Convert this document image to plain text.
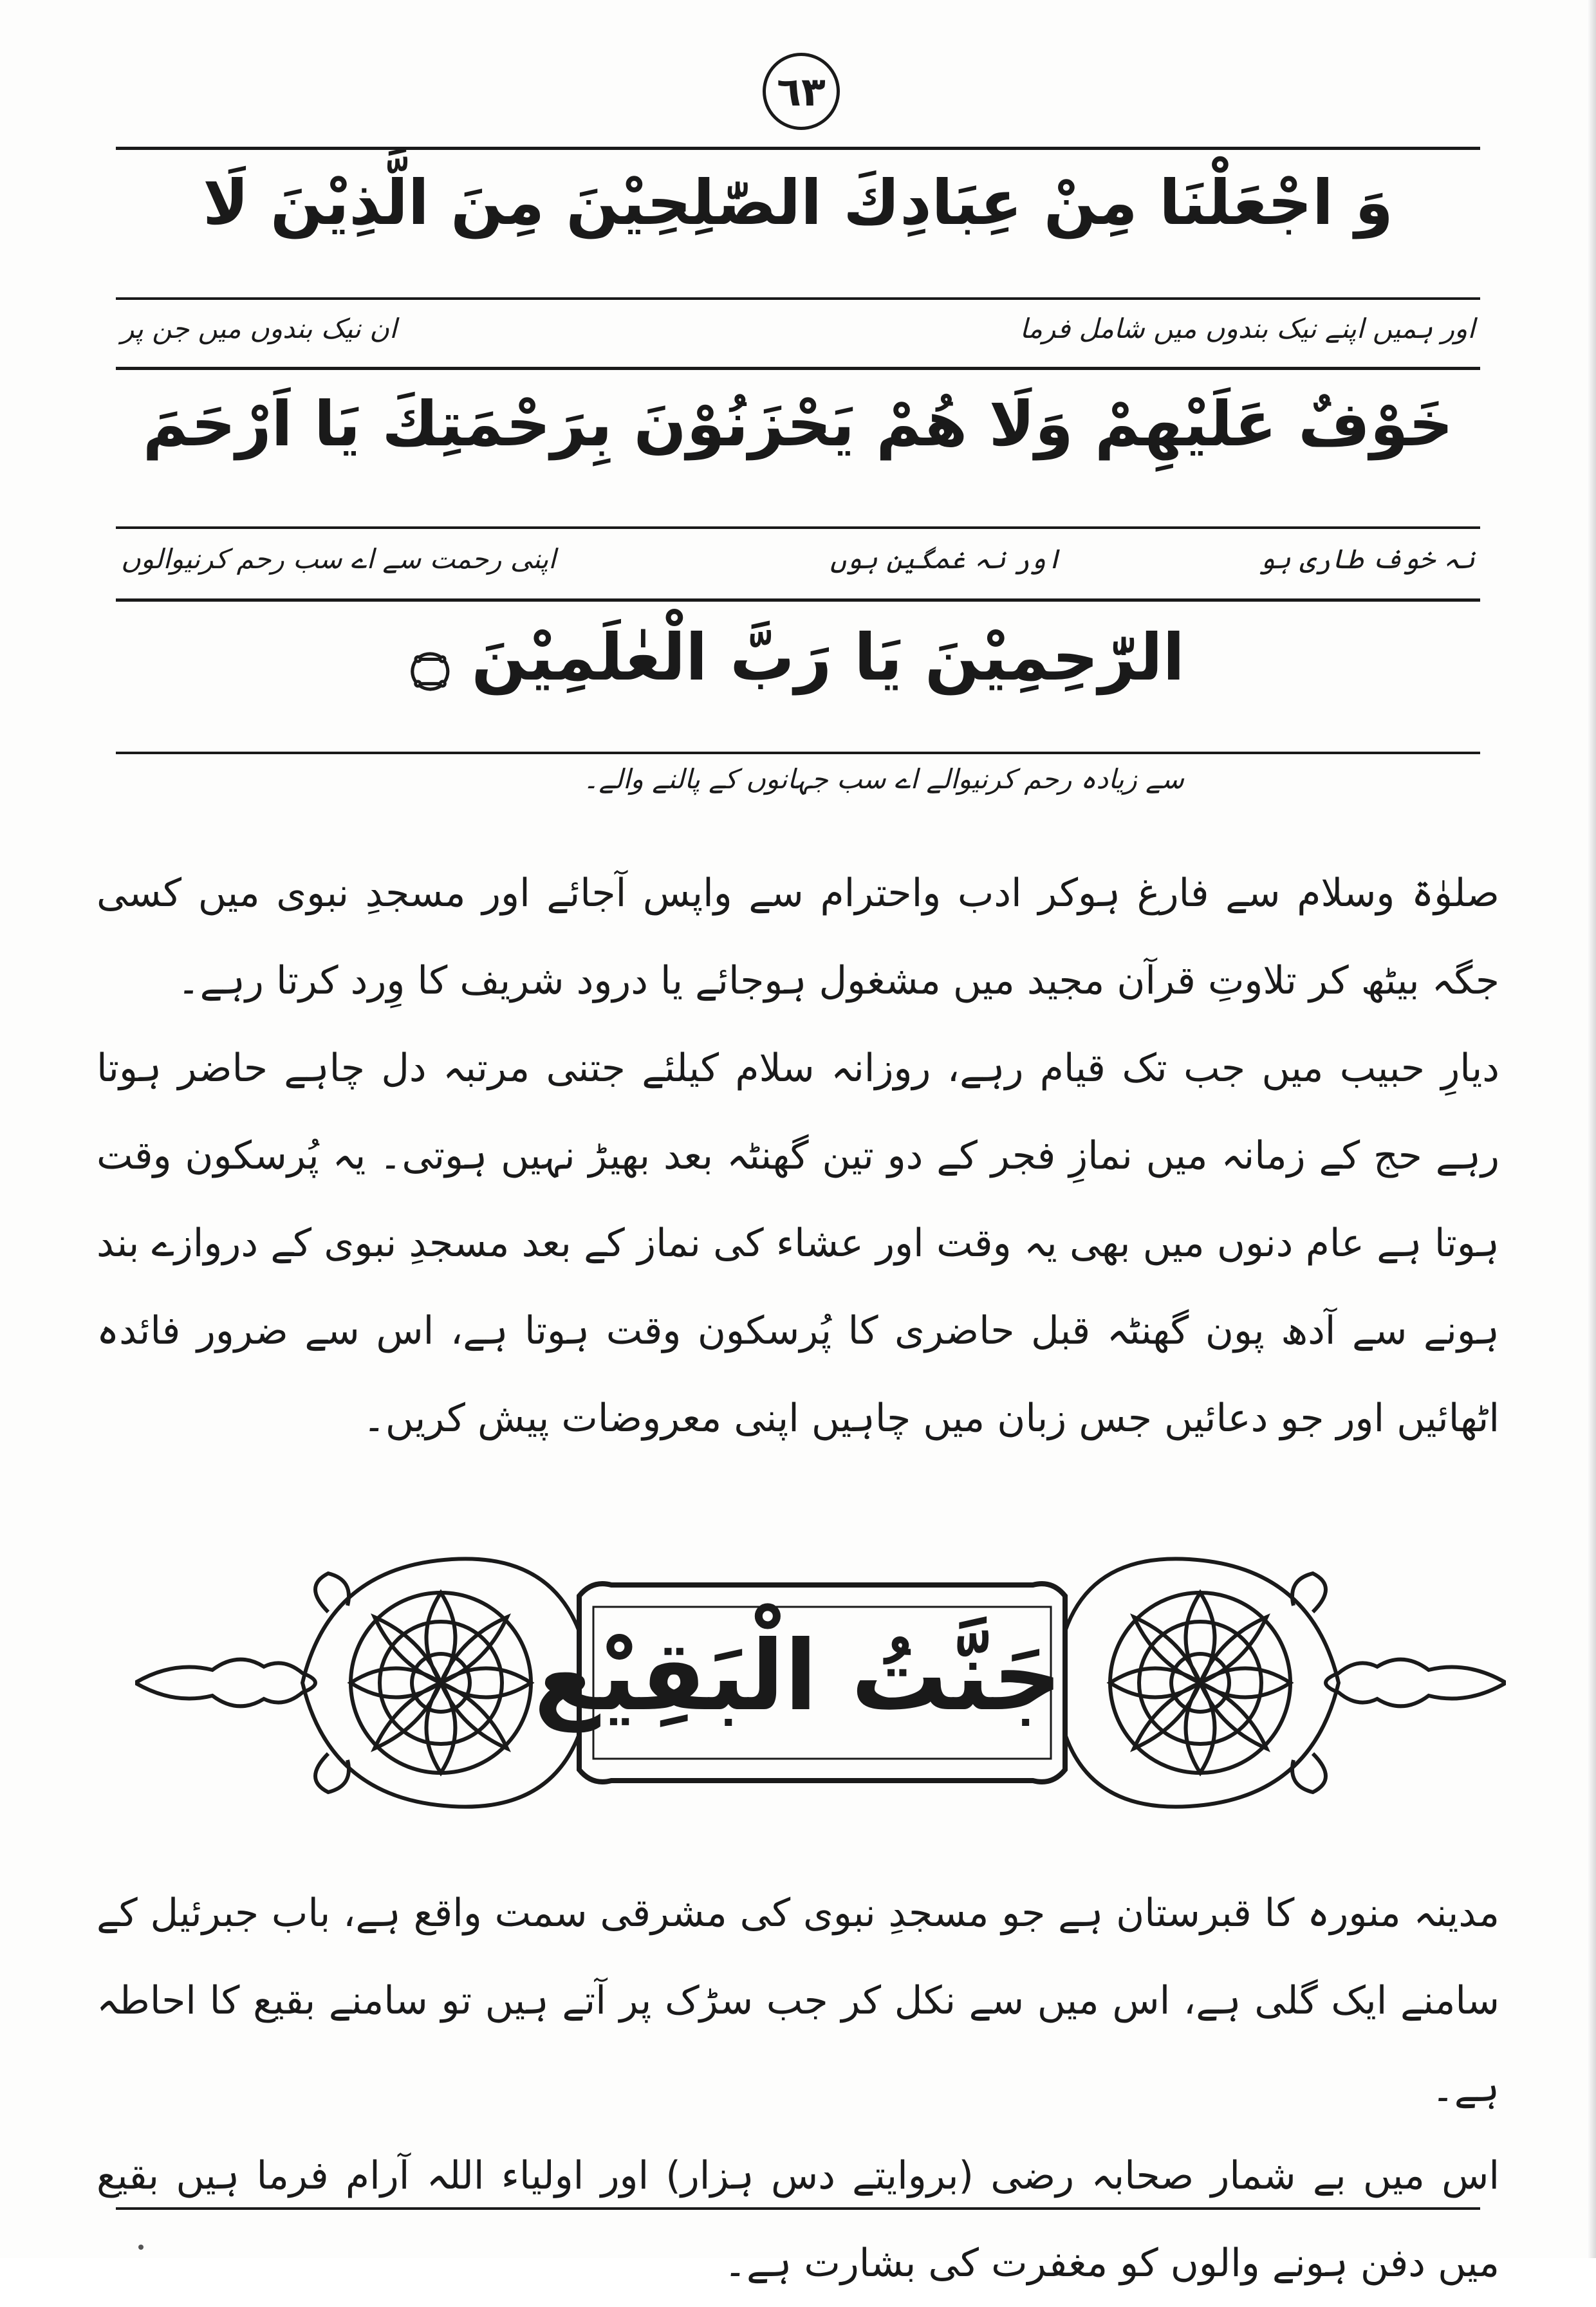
٦٣
وَ اجْعَلْنَا مِنْ عِبَادِكَ الصّٰلِحِيْنَ مِنَ الَّذِيْنَ لَا
خَوْفٌ عَلَيْهِمْ وَلَا هُمْ يَحْزَنُوْنَ بِرَحْمَتِكَ يَا اَرْحَمَ
الرّٰحِمِيْنَ يَا رَبَّ الْعٰلَمِيْنَ ۝
اور ہمیں اپنے نیک بندوں میں شامل فرما
ان نیک بندوں میں جن پر
نہ خوف طاری ہو
اور نہ غمگین ہوں
اپنی رحمت سے اے سب رحم کرنیوالوں
سے زیادہ رحم کرنیوالے اے سب جہانوں کے پالنے والے۔

صلوٰۃ وسلام سے فارغ ہوکر ادب واحترام سے واپس آجائے اور مسجدِ نبوی میں کسی جگہ بیٹھ کر تلاوتِ قرآن مجید میں مشغول ہوجائے یا درود شریف کا وِرد کرتا رہے۔

دیارِ حبیب میں جب تک قیام رہے، روزانہ سلام کیلئے جتنی مرتبہ دل چاہے حاضر ہوتا رہے حج کے زمانہ میں نمازِ فجر کے دو تین گھنٹہ بعد بھیڑ نہیں ہوتی۔ یہ پُرسکون وقت ہوتا ہے عام دنوں میں بھی یہ وقت اور عشاء کی نماز کے بعد مسجدِ نبوی کے دروازے بند ہونے سے آدھ پون گھنٹہ قبل حاضری کا پُرسکون وقت ہوتا ہے، اس سے ضرور فائدہ اٹھائیں اور جو دعائیں جس زبان میں چاہیں اپنی معروضات پیش کریں۔

جَنَّتُ الْبَقِيْع

مدینہ منورہ کا قبرستان ہے جو مسجدِ نبوی کی مشرقی سمت واقع ہے، باب جبرئیل کے سامنے ایک گلی ہے، اس میں سے نکل کر جب سڑک پر آتے ہیں تو سامنے بقیع کا احاطہ ہے۔

اس میں بے شمار صحابہ رضی (بروایتے دس ہزار) اور اولیاء اللہ آرام فرما ہیں بقیع میں دفن ہونے والوں کو مغفرت کی بشارت ہے۔
